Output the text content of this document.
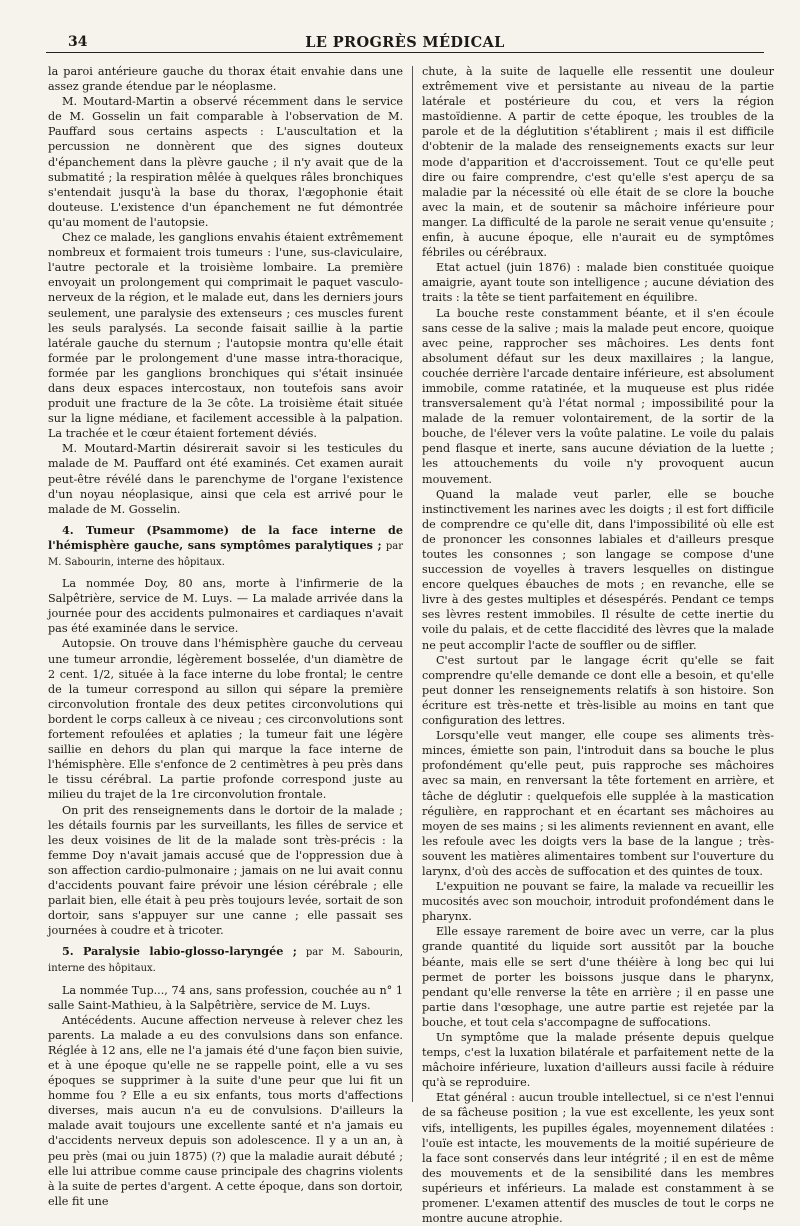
34	LE PROGRÈS MÉDICAL

la paroi antérieure gauche du thorax était envahie dans une assez grande étendue par le néoplasme.

M. Moutard-Martin a observé récemment dans le service de M. Gosselin un fait comparable à l'observation de M. Pauffard sous certains aspects : L'auscultation et la percussion ne donnèrent que des signes douteux d'épanchement dans la plèvre gauche ; il n'y avait que de la submatité ; la respiration mêlée à quelques râles bronchiques s'entendait jusqu'à la base du thorax, l'ægophonie était douteuse. L'existence d'un épanchement ne fut démontrée qu'au moment de l'autopsie.

Chez ce malade, les ganglions envahis étaient extrêmement nombreux et formaient trois tumeurs : l'une, sus-claviculaire, l'autre pectorale et la troisième lombaire. La première envoyait un prolongement qui comprimait le paquet vasculo-nerveux de la région, et le malade eut, dans les derniers jours seulement, une paralysie des extenseurs ; ces muscles furent les seuls paralysés. La seconde faisait saillie à la partie latérale gauche du sternum ; l'autopsie montra qu'elle était formée par le prolongement d'une masse intra-thoracique, formée par les ganglions bronchiques qui s'était insinuée dans deux espaces intercostaux, non toutefois sans avoir produit une fracture de la 3e côte. La troisième était située sur la ligne médiane, et facilement accessible à la palpation. La trachée et le cœur étaient fortement déviés.

M. Moutard-Martin désirerait savoir si les testicules du malade de M. Pauffard ont été examinés. Cet examen aurait peut-être révélé dans le parenchyme de l'organe l'existence d'un noyau néoplasique, ainsi que cela est arrivé pour le malade de M. Gosselin.

4. Tumeur (Psammome) de la face interne de l'hémisphère gauche, sans symptômes paralytiques ; par M. Sabourin, interne des hôpitaux.

La nommée Doy, 80 ans, morte à l'infirmerie de la Salpêtrière, service de M. Luys. — La malade arrivée dans la journée pour des accidents pulmonaires et cardiaques n'avait pas été examinée dans le service.

Autopsie. On trouve dans l'hémisphère gauche du cerveau une tumeur arrondie, légèrement bosselée, d'un diamètre de 2 cent. 1/2, située à la face interne du lobe frontal; le centre de la tumeur correspond au sillon qui sépare la première circonvolution frontale des deux petites circonvolutions qui bordent le corps calleux à ce niveau ; ces circonvolutions sont fortement refoulées et aplaties ; la tumeur fait une légère saillie en dehors du plan qui marque la face interne de l'hémisphère. Elle s'enfonce de 2 centimètres à peu près dans le tissu cérébral. La partie profonde correspond juste au milieu du trajet de la 1re circonvolution frontale.

On prit des renseignements dans le dortoir de la malade ; les détails fournis par les surveillants, les filles de service et les deux voisines de lit de la malade sont très-précis : la femme Doy n'avait jamais accusé que de l'oppression due à son affection cardio-pulmonaire ; jamais on ne lui avait connu d'accidents pouvant faire prévoir une lésion cérébrale ; elle parlait bien, elle était à peu près toujours levée, sortait de son dortoir, sans s'appuyer sur une canne ; elle passait ses journées à coudre et à tricoter.

5. Paralysie labio-glosso-laryngée ; par M. Sabourin, interne des hôpitaux.

La nommée Tup..., 74 ans, sans profession, couchée au n° 1 salle Saint-Mathieu, à la Salpêtrière, service de M. Luys.

Antécédents. Aucune affection nerveuse à relever chez les parents. La malade a eu des convulsions dans son enfance. Réglée à 12 ans, elle ne l'a jamais été d'une façon bien suivie, et à une époque qu'elle ne se rappelle point, elle a vu ses époques se supprimer à la suite d'une peur que lui fit un homme fou ? Elle a eu six enfants, tous morts d'affections diverses, mais aucun n'a eu de convulsions. D'ailleurs la malade avait toujours une excellente santé et n'a jamais eu d'accidents nerveux depuis son adolescence. Il y a un an, à peu près (mai ou juin 1875) (?) que la maladie aurait débuté ; elle lui attribue comme cause principale des chagrins violents à la suite de pertes d'argent. A cette époque, dans son dortoir, elle fit une

chute, à la suite de laquelle elle ressentit une douleur extrêmement vive et persistante au niveau de la partie latérale et postérieure du cou, et vers la région mastoïdienne. A partir de cette époque, les troubles de la parole et de la déglutition s'établirent ; mais il est difficile d'obtenir de la malade des renseignements exacts sur leur mode d'apparition et d'accroissement. Tout ce qu'elle peut dire ou faire comprendre, c'est qu'elle s'est aperçu de sa maladie par la nécessité où elle était de se clore la bouche avec la main, et de soutenir sa mâchoire inférieure pour manger. La difficulté de la parole ne serait venue qu'ensuite ; enfin, à aucune époque, elle n'aurait eu de symptômes fébriles ou cérébraux.

Etat actuel (juin 1876) : malade bien constituée quoique amaigrie, ayant toute son intelligence ; aucune déviation des traits : la tête se tient parfaitement en équilibre.

La bouche reste constamment béante, et il s'en écoule sans cesse de la salive ; mais la malade peut encore, quoique avec peine, rapprocher ses mâchoires. Les dents font absolument défaut sur les deux maxillaires ; la langue, couchée derrière l'arcade dentaire inférieure, est absolument immobile, comme ratatinée, et la muqueuse est plus ridée transversalement qu'à l'état normal ; impossibilité pour la malade de la remuer volontairement, de la sortir de la bouche, de l'élever vers la voûte palatine. Le voile du palais pend flasque et inerte, sans aucune déviation de la luette ; les attouchements du voile n'y provoquent aucun mouvement.

Quand la malade veut parler, elle se bouche instinctivement les narines avec les doigts ; il est fort difficile de comprendre ce qu'elle dit, dans l'impossibilité où elle est de prononcer les consonnes labiales et d'ailleurs presque toutes les consonnes ; son langage se compose d'une succession de voyelles à travers lesquelles on distingue encore quelques ébauches de mots ; en revanche, elle se livre à des gestes multiples et désespérés. Pendant ce temps ses lèvres restent immobiles. Il résulte de cette inertie du voile du palais, et de cette flaccidité des lèvres que la malade ne peut accomplir l'acte de souffler ou de siffler.

C'est surtout par le langage écrit qu'elle se fait comprendre qu'elle demande ce dont elle a besoin, et qu'elle peut donner les renseignements relatifs à son histoire. Son écriture est très-nette et très-lisible au moins en tant que configuration des lettres.

Lorsqu'elle veut manger, elle coupe ses aliments très-minces, émiette son pain, l'introduit dans sa bouche le plus profondément qu'elle peut, puis rapproche ses mâchoires avec sa main, en renversant la tête fortement en arrière, et tâche de déglutir : quelquefois elle supplée à la mastication régulière, en rapprochant et en écartant ses mâchoires au moyen de ses mains ; si les aliments reviennent en avant, elle les refoule avec les doigts vers la base de la langue ; très-souvent les matières alimentaires tombent sur l'ouverture du larynx, d'où des accès de suffocation et des quintes de toux.

L'expuition ne pouvant se faire, la malade va recueillir les mucosités avec son mouchoir, introduit profondément dans le pharynx.

Elle essaye rarement de boire avec un verre, car la plus grande quantité du liquide sort aussitôt par la bouche béante, mais elle se sert d'une théière à long bec qui lui permet de porter les boissons jusque dans le pharynx, pendant qu'elle renverse la tête en arrière ; il en passe une partie dans l'œsophage, une autre partie est rejetée par la bouche, et tout cela s'accompagne de suffocations.

Un symptôme que la malade présente depuis quelque temps, c'est la luxation bilatérale et parfaitement nette de la mâchoire inférieure, luxation d'ailleurs aussi facile à réduire qu'à se reproduire.

Etat général : aucun trouble intellectuel, si ce n'est l'ennui de sa fâcheuse position ; la vue est excellente, les yeux sont vifs, intelligents, les pupilles égales, moyennement dilatées : l'ouïe est intacte, les mouvements de la moitié supérieure de la face sont conservés dans leur intégrité ; il en est de même des mouvements et de la sensibilité dans les membres supérieurs et inférieurs. La malade est constamment à se promener. L'examen attentif des muscles de tout le corps ne montre aucune atrophie.
